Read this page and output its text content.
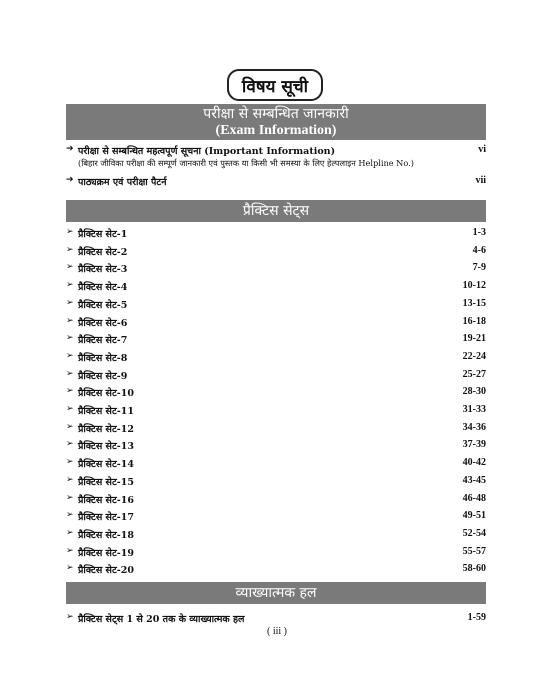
विषय सूची
परीक्षा से सम्बन्धित जानकारी
(Exam Information)
➔ परीक्षा से सम्बन्धित महत्वपूर्ण सूचना (Important Information)	vi
(बिहार जीविका परीक्षा की सम्पूर्ण जानकारी एवं पुस्तक या किसी भी समस्या के लिए हेल्पलाइन Helpline No.)
➔ पाठ्यक्रम एवं परीक्षा पैटर्न	vii
प्रैक्टिस सेट्स
➢ प्रैक्टिस सेट-1	1-3
➢ प्रैक्टिस सेट-2	4-6
➢ प्रैक्टिस सेट-3	7-9
➢ प्रैक्टिस सेट-4	10-12
➢ प्रैक्टिस सेट-5	13-15
➢ प्रैक्टिस सेट-6	16-18
➢ प्रैक्टिस सेट-7	19-21
➢ प्रैक्टिस सेट-8	22-24
➢ प्रैक्टिस सेट-9	25-27
➢ प्रैक्टिस सेट-10	28-30
➢ प्रैक्टिस सेट-11	31-33
➢ प्रैक्टिस सेट-12	34-36
➢ प्रैक्टिस सेट-13	37-39
➢ प्रैक्टिस सेट-14	40-42
➢ प्रैक्टिस सेट-15	43-45
➢ प्रैक्टिस सेट-16	46-48
➢ प्रैक्टिस सेट-17	49-51
➢ प्रैक्टिस सेट-18	52-54
➢ प्रैक्टिस सेट-19	55-57
➢ प्रैक्टिस सेट-20	58-60
व्याख्यात्मक हल
➢ प्रैक्टिस सेट्स 1 से 20 तक के व्याख्यात्मक हल	1-59
( iii )
